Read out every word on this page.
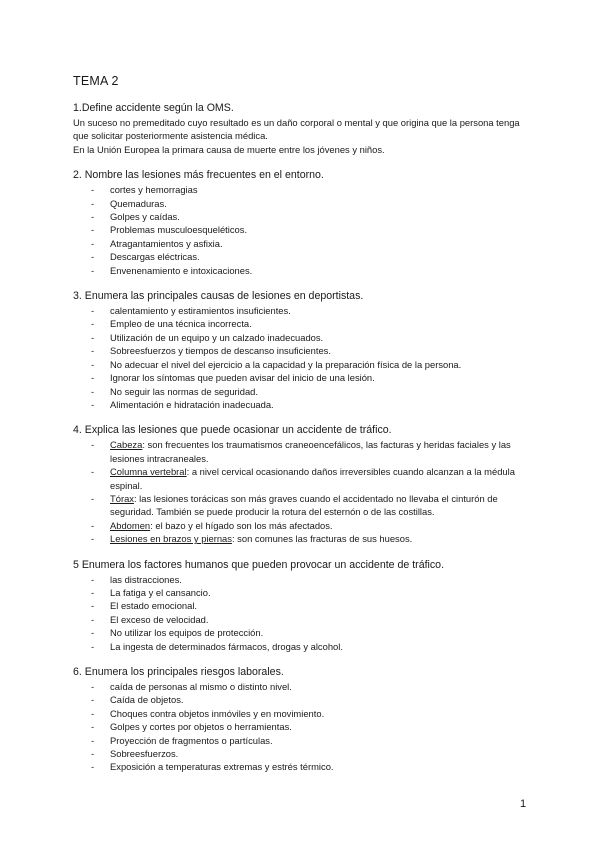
TEMA 2
1.Define accidente según la OMS.

Un suceso no premeditado cuyo resultado es un daño corporal o mental y que origina que la persona tenga que solicitar posteriormente asistencia médica.

En la Unión Europea la primara causa de muerte entre los jóvenes y niños.

2. Nombre las lesiones más frecuentes en el entorno.
- cortes y hemorragias
- Quemaduras.
- Golpes y caídas.
- Problemas musculoesqueléticos.
- Atragantamientos y asfixia.
- Descargas eléctricas.
- Envenenamiento e intoxicaciones.
3. Enumera las principales causas de lesiones en deportistas.
- calentamiento y estiramientos insuficientes.
- Empleo de una técnica incorrecta.
- Utilización de un equipo y un calzado inadecuados.
- Sobreesfuerzos y tiempos de descanso insuficientes.
- No adecuar el nivel del ejercicio a la capacidad y la preparación física de la persona.
- Ignorar los síntomas que pueden avisar del inicio de una lesión.
- No seguir las normas de seguridad.
- Alimentación e hidratación inadecuada.
4. Explica las lesiones que puede ocasionar un accidente de tráfico.
- Cabeza: son frecuentes los traumatismos craneoencefálicos, las facturas y heridas faciales y las lesiones intracraneales.
- Columna vertebral: a nivel cervical ocasionando daños irreversibles cuando alcanzan a la médula espinal.
- Tórax: las lesiones torácicas son más graves cuando el accidentado no llevaba el cinturón de seguridad. También se puede producir la rotura del esternón o de las costillas.
- Abdomen: el bazo y el hígado son los más afectados.
- Lesiones en brazos y piernas: son comunes las fracturas de sus huesos.
5 Enumera los factores humanos que pueden provocar un accidente de tráfico.
- las distracciones.
- La fatiga y el cansancio.
- El estado emocional.
- El exceso de velocidad.
- No utilizar los equipos de protección.
- La ingesta de determinados fármacos, drogas y alcohol.
6. Enumera los principales riesgos laborales.
- caída de personas al mismo o distinto nivel.
- Caída de objetos.
- Choques contra objetos inmóviles y en movimiento.
- Golpes y cortes por objetos o herramientas.
- Proyección de fragmentos o partículas.
- Sobreesfuerzos.
- Exposición a temperaturas extremas y estrés térmico.
1
